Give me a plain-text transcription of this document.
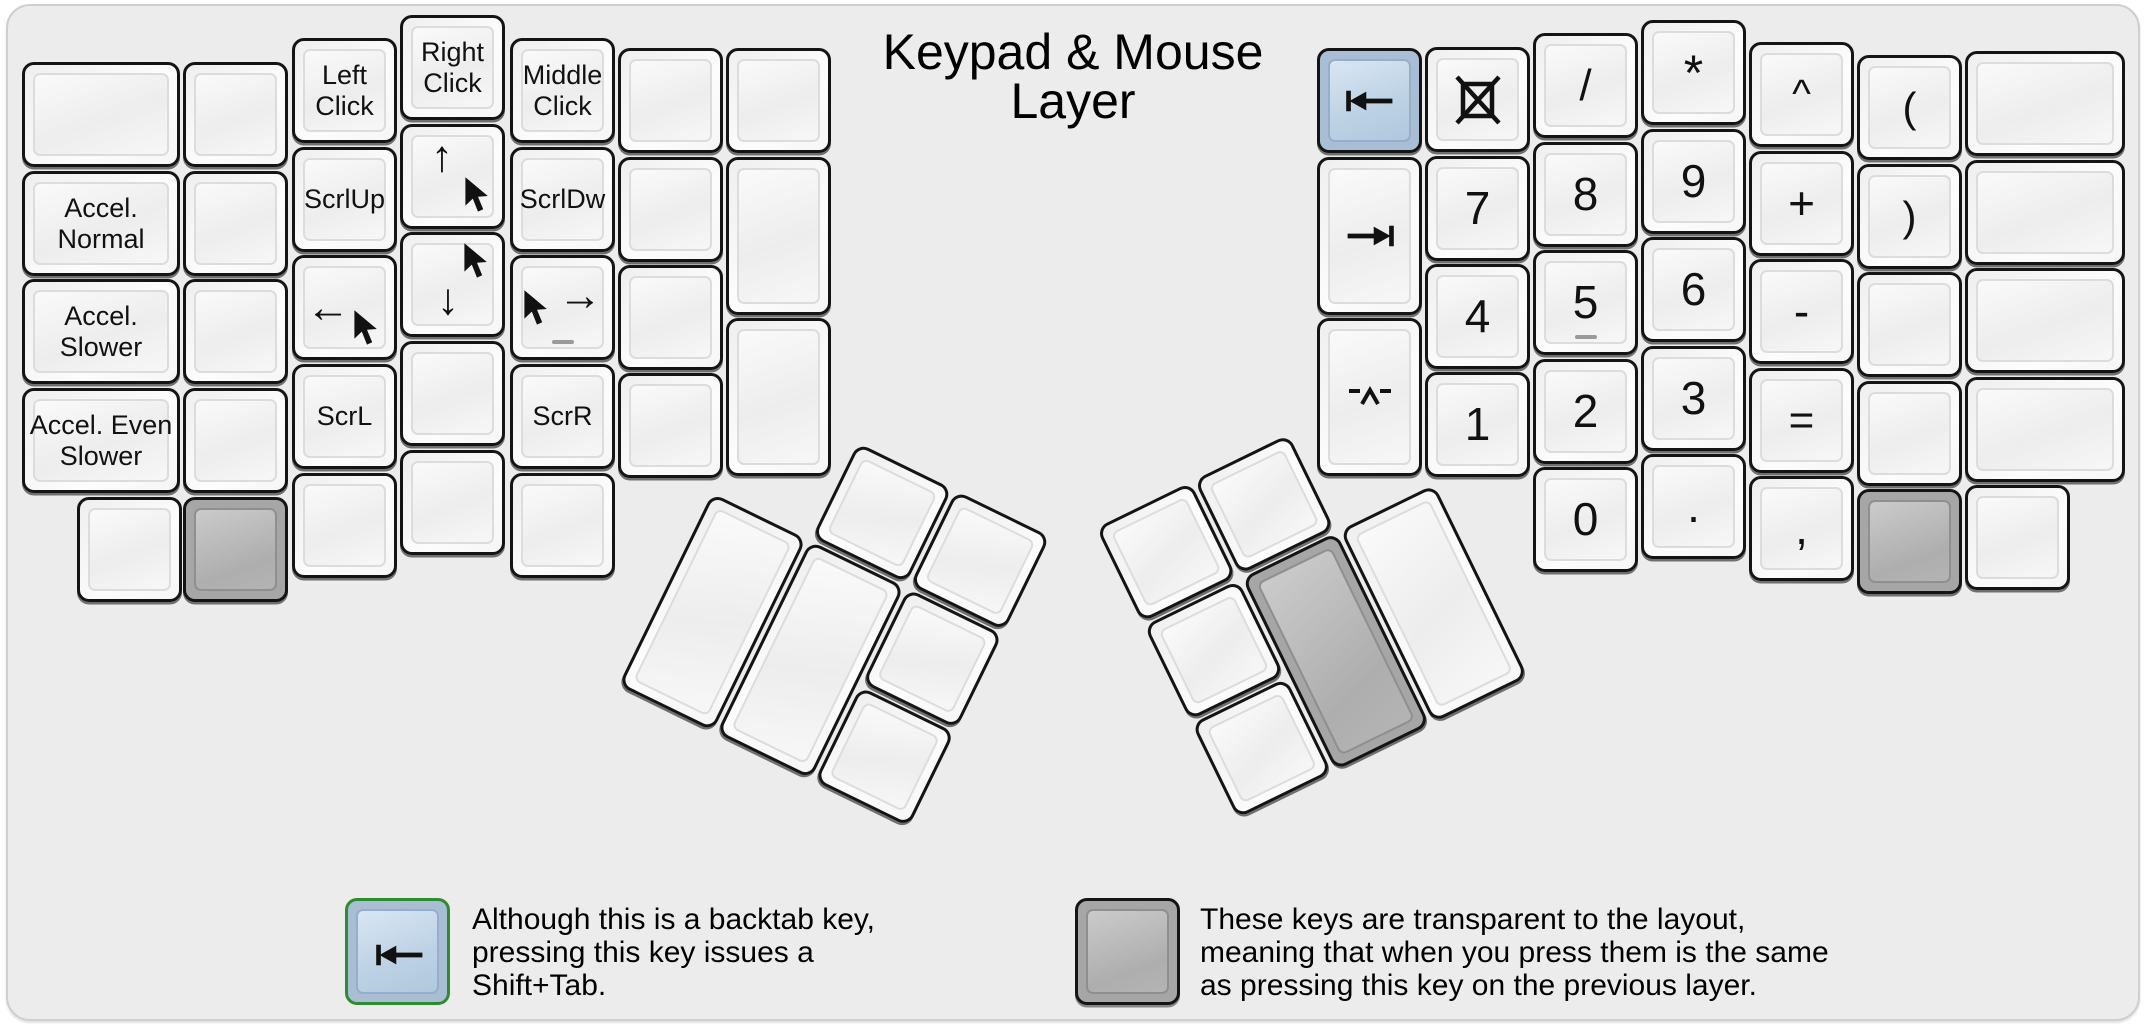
Keypad & Mouse
Layer
Accel. Normal
Accel. Slower
Accel. Even Slower
Left Click
ScrlUp
←
ScrL
Right Click
↑
↓
Middle Click
ScrlDw
→
ScrR
7
4
1
/
8
5
2
0
*
9
6
3
.
^
+
-
=
,
(
)
Although this is a backtab key,
pressing this key issues a
Shift+Tab.
These keys are transparent to the layout,
meaning that when you press them is the same
as pressing this key on the previous layer.
